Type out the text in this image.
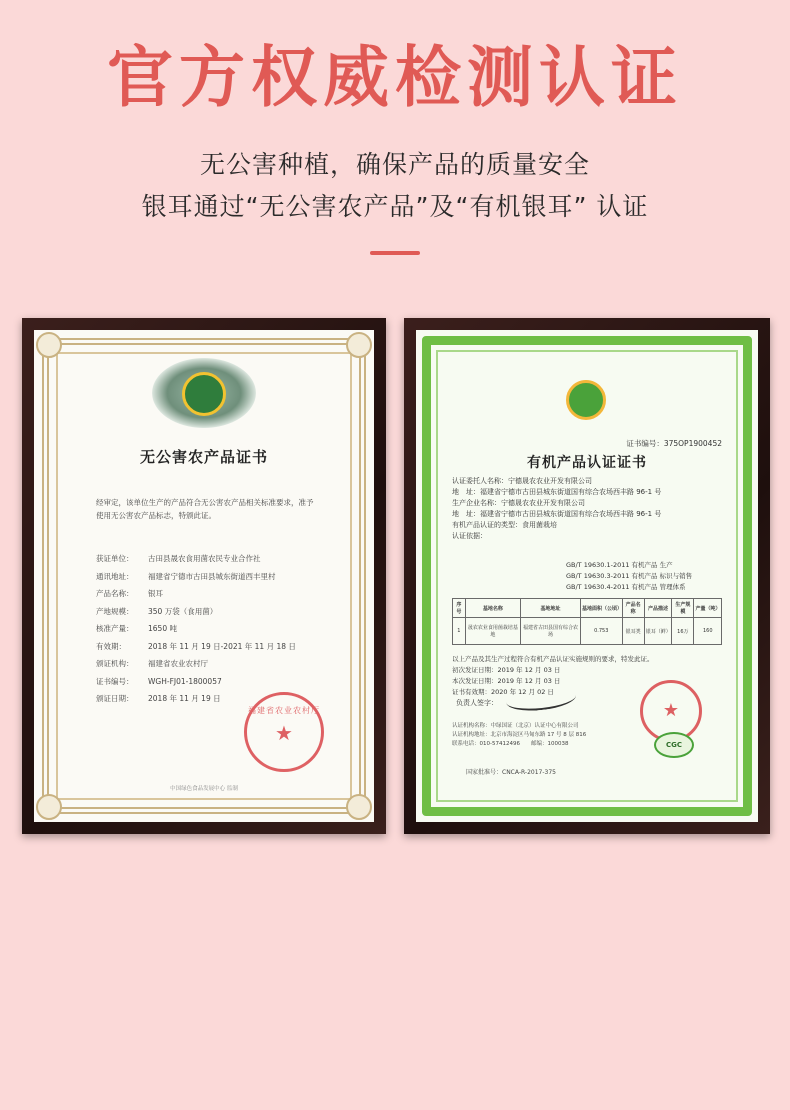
官方权威检测认证
无公害种植，确保产品的质量安全
银耳通过“无公害农产品”及“有机银耳” 认证
无公害农产品证书
经审定，该单位生产的产品符合无公害农产品相关标准要求，准予使用无公害农产品标志，特颁此证。
获证单位： 古田县晟农食用菌农民专业合作社
通讯地址： 福建省宁德市古田县城东街道西丰里村
产品名称： 银耳
产地规模： 350 万袋（食用菌）
核准产量： 1650 吨
有效期：	2018 年 11 月 19 日-2021 年 11 月 18 日
颁证机构： 福建省农业农村厅
证书编号： WGH-FJ01-1800057
颁证日期： 2018 年 11 月 19 日
福建省农业农村厅
★
中国绿色食品发展中心 监制
证书编号：375OP1900452
有机产品认证证书
认证委托人名称：宁德晟农农业开发有限公司
地　址：福建省宁德市古田县城东街道国有综合农场西丰路 96-1 号
生产企业名称：宁德晟农农业开发有限公司
地　址：福建省宁德市古田县城东街道国有综合农场西丰路 96-1 号
有机产品认证的类型：食用菌栽培
认证依据：
GB/T 19630.1-2011 有机产品 生产
GB/T 19630.3-2011 有机产品 标识与销售
GB/T 19630.4-2011 有机产品 管理体系
序号	基地名称	基地地址	基地面积（公顷）	产品名称	产品描述	生产规模	产量（吨）
1	晟农农业食用菌栽培基地	福建省古田县国有综合农场	0.753	银耳类	银耳（鲜）	16万	160
以上产品及其生产过程符合有机产品认证实施规则的要求，特发此证。
初次发证日期：2019 年 12 月 03 日
本次发证日期：2019 年 12 月 03 日
证书有效期：2020 年 12 月 02 日
负责人签字：	★
CGC
认证机构名称：中绿国证（北京）认证中心有限公司
认证机构地址：北京市海淀区马甸东路 17 号 8 层 816
联系电话：010-57412496　　邮编：100038
国家批准号：CNCA-R-2017-375
